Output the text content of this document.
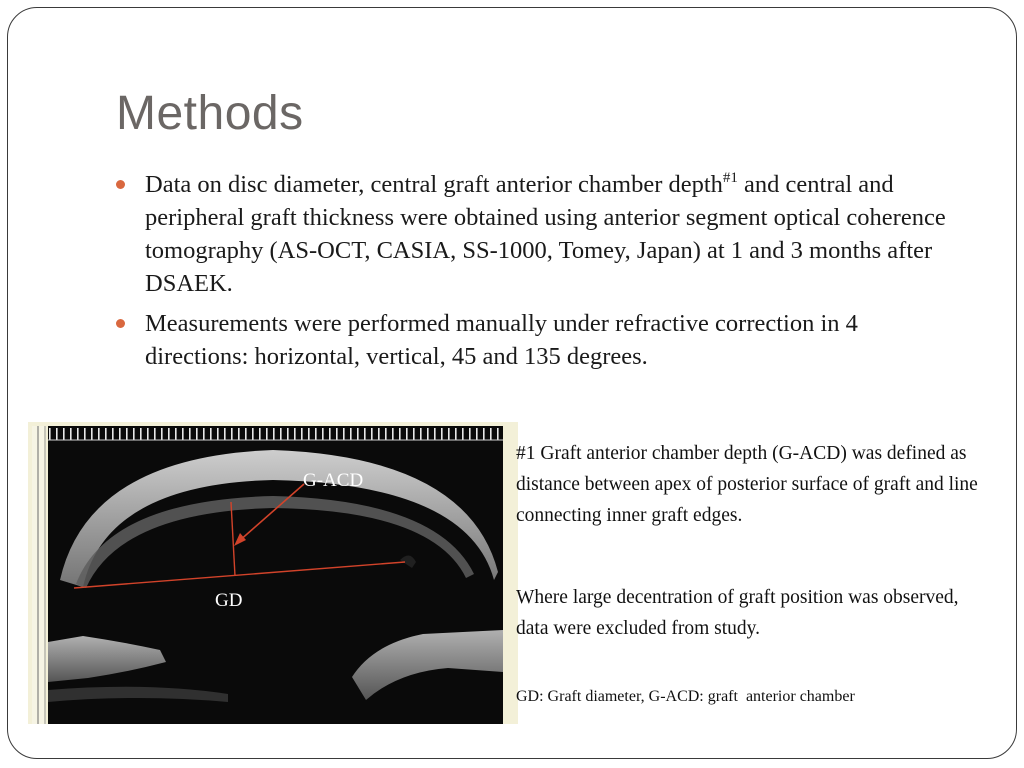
Methods
Data on disc diameter, central graft anterior chamber depth$^{\#1}$ and central and peripheral graft thickness were obtained using anterior segment optical coherence tomography (AS-OCT, CASIA, SS-1000, Tomey, Japan) at 1 and 3 months after DSAEK.
Measurements were performed manually under refractive correction in 4 directions: horizontal, vertical, 45 and 135 degrees.
G-ACD
GD

#1 Graft anterior chamber depth (G-ACD) was defined as distance between apex of posterior surface of graft and line connecting inner graft edges.

Where large decentration of graft position was observed, data were excluded from study.

GD: Graft diameter, G-ACD: graft  anterior chamber
